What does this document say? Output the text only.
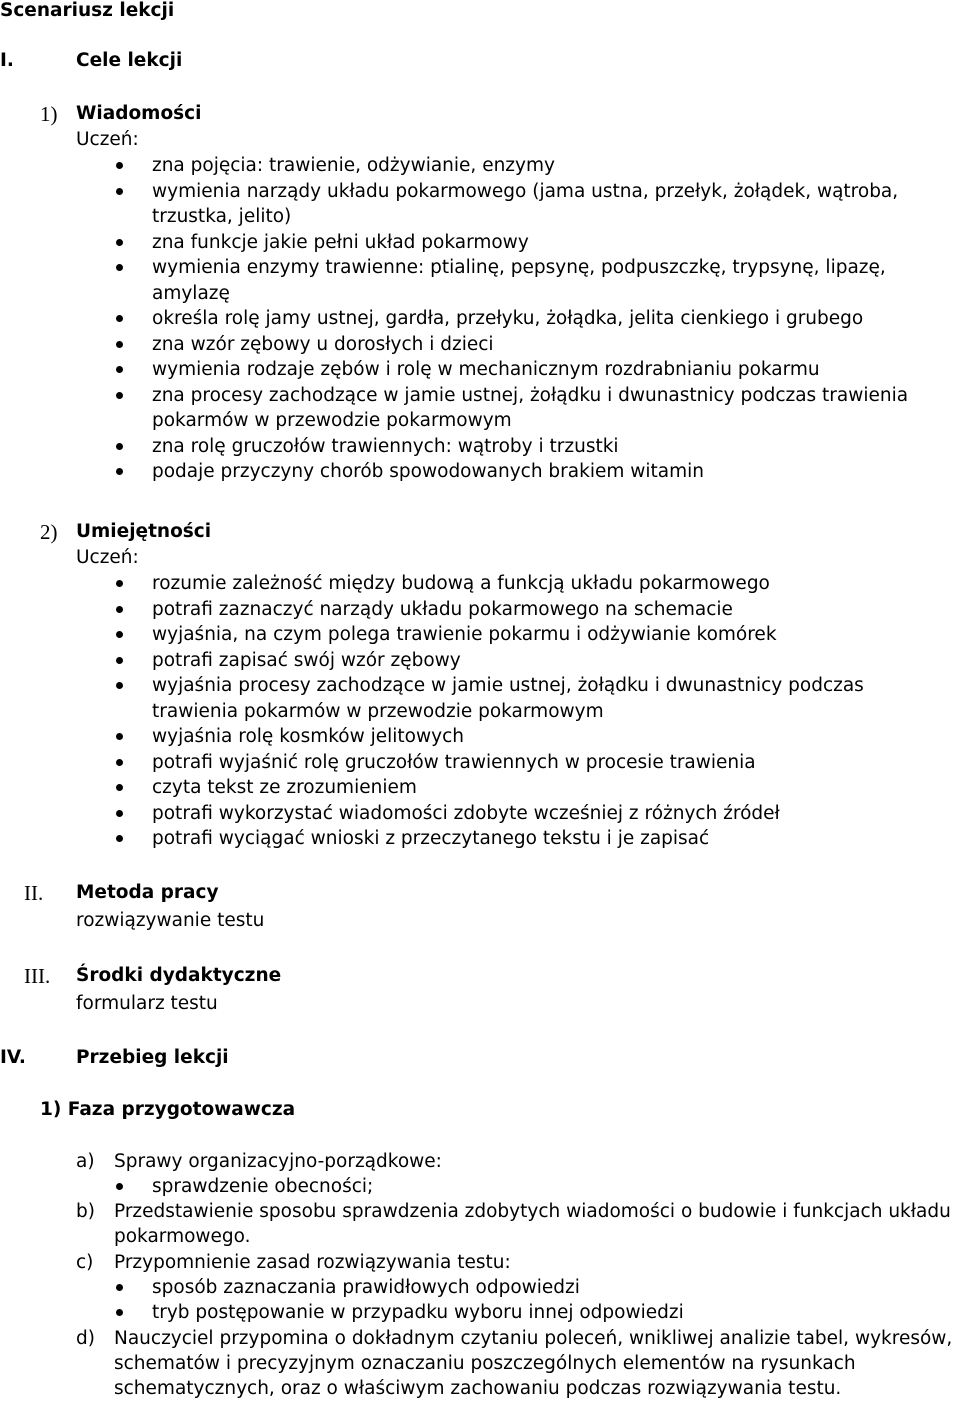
Scenariusz lekcji
I.	Cele lekcji
1) Wiadomości
Uczeń:
zna pojęcia: trawienie, odżywianie, enzymy
wymienia narządy układu pokarmowego (jama ustna, przełyk, żołądek, wątroba,
trzustka, jelito)
zna funkcje jakie pełni układ pokarmowy
wymienia enzymy trawienne: ptialinę, pepsynę, podpuszczkę, trypsynę, lipazę,
amylazę
określa rolę jamy ustnej, gardła, przełyku, żołądka, jelita cienkiego i grubego
zna wzór zębowy u dorosłych i dzieci
wymienia rodzaje zębów i rolę w mechanicznym rozdrabnianiu pokarmu
zna procesy zachodzące w jamie ustnej, żołądku i dwunastnicy podczas trawienia
pokarmów w przewodzie pokarmowym
zna rolę gruczołów trawiennych: wątroby i trzustki
podaje przyczyny chorób spowodowanych brakiem witamin
2) Umiejętności
Uczeń:
rozumie zależność między budową a funkcją układu pokarmowego
potrafi zaznaczyć narządy układu pokarmowego na schemacie
wyjaśnia, na czym polega trawienie pokarmu i odżywianie komórek
potrafi zapisać swój wzór zębowy
wyjaśnia procesy zachodzące w jamie ustnej, żołądku i dwunastnicy podczas
trawienia pokarmów w przewodzie pokarmowym
wyjaśnia rolę kosmków jelitowych
potrafi wyjaśnić rolę gruczołów trawiennych w procesie trawienia
czyta tekst ze zrozumieniem
potrafi wykorzystać wiadomości zdobyte wcześniej z różnych źródeł
potrafi wyciągać wnioski z przeczytanego tekstu i je zapisać
II. Metoda pracy
rozwiązywanie testu
III. Środki dydaktyczne
formularz testu
IV.	Przebieg lekcji
1) Faza przygotowawcza
a) Sprawy organizacyjno-porządkowe:
sprawdzenie obecności;
b) Przedstawienie sposobu sprawdzenia zdobytych wiadomości o budowie i funkcjach układu
pokarmowego.
c) Przypomnienie zasad rozwiązywania testu:
sposób zaznaczania prawidłowych odpowiedzi
tryb postępowanie w przypadku wyboru innej odpowiedzi
d) Nauczyciel przypomina o dokładnym czytaniu poleceń, wnikliwej analizie tabel, wykresów,
schematów i precyzyjnym oznaczaniu poszczególnych elementów na rysunkach
schematycznych, oraz o właściwym zachowaniu podczas rozwiązywania testu.
